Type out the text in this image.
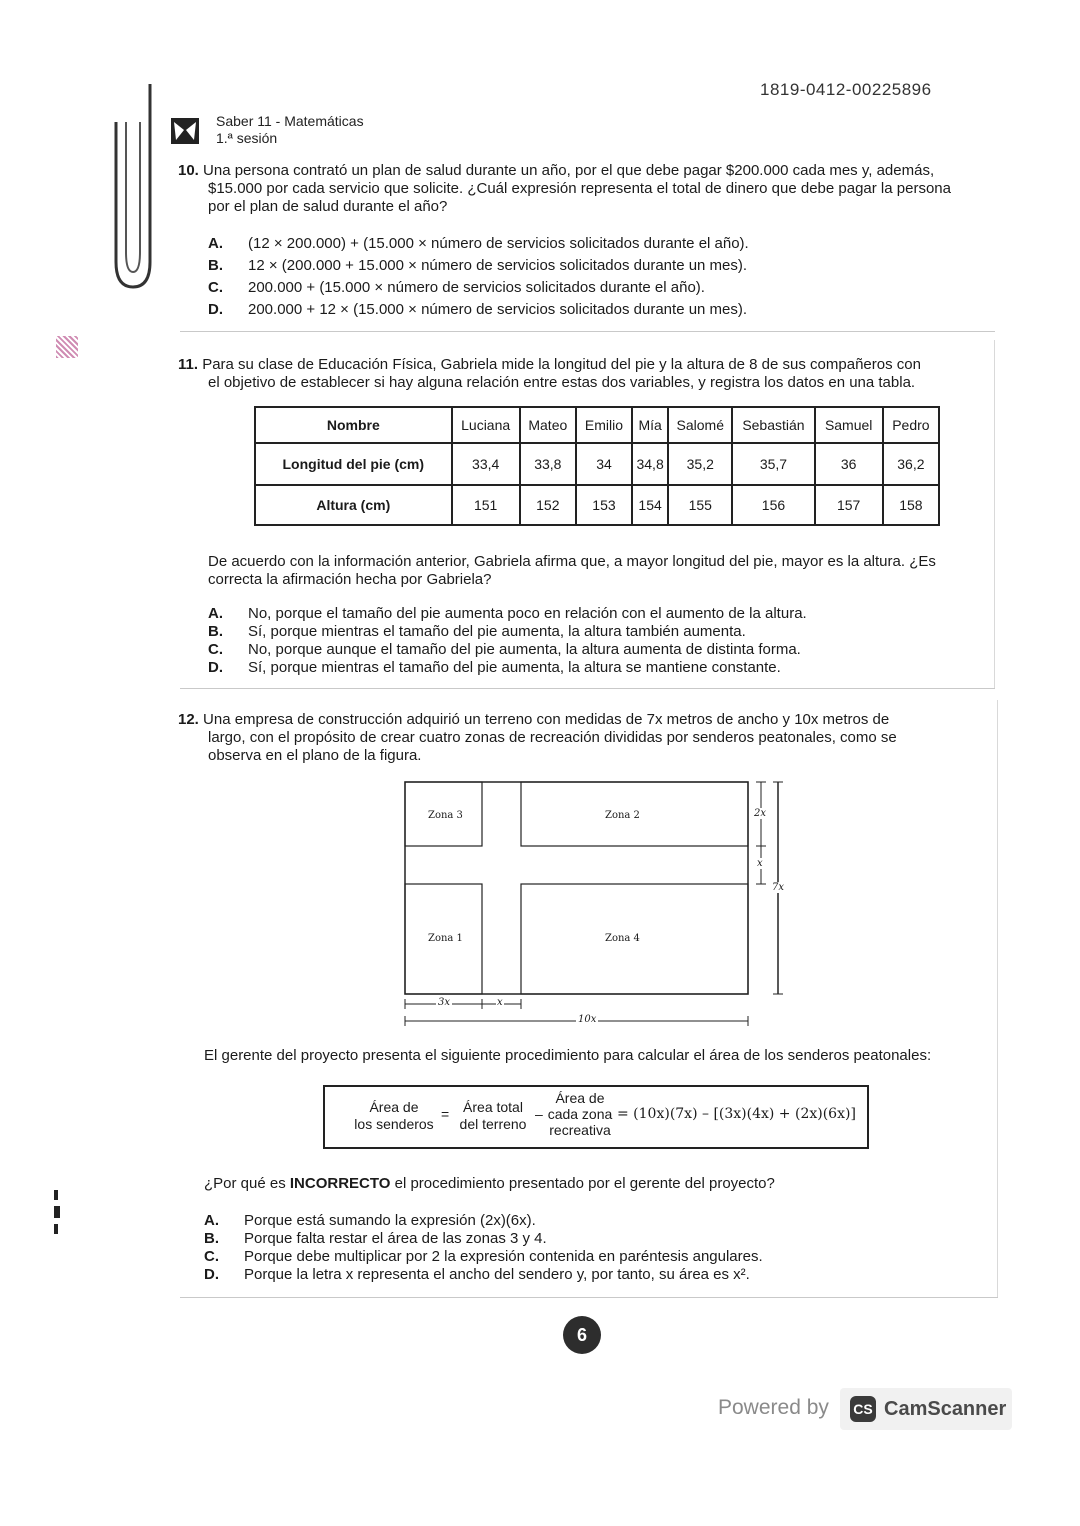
1819-0412-00225896
Saber 11 - Matemáticas
1.ª sesión
10. Una persona contrató un plan de salud durante un año, por el que debe pagar $200.000 cada mes y, además,
$15.000 por cada servicio que solicite. ¿Cuál expresión representa el total de dinero que debe pagar la persona
por el plan de salud durante el año?
A. (12 × 200.000) + (15.000 × número de servicios solicitados durante el año).
B. 12 × (200.000 + 15.000 × número de servicios solicitados durante un mes).
C. 200.000 + (15.000 × número de servicios solicitados durante el año).
D. 200.000 + 12 × (15.000 × número de servicios solicitados durante un mes).
11. Para su clase de Educación Física, Gabriela mide la longitud del pie y la altura de 8 de sus compañeros con
el objetivo de establecer si hay alguna relación entre estas dos variables, y registra los datos en una tabla.
Nombre	Luciana	Mateo	Emilio	Mía	Salomé	Sebastián	Samuel	Pedro
Longitud del pie (cm)	33,4	33,8	34	34,8	35,2	35,7	36	36,2
Altura (cm)	151	152	153	154	155	156	157	158
De acuerdo con la información anterior, Gabriela afirma que, a mayor longitud del pie, mayor es la altura. ¿Es
correcta la afirmación hecha por Gabriela?
A. No, porque el tamaño del pie aumenta poco en relación con el aumento de la altura.
B. Sí, porque mientras el tamaño del pie aumenta, la altura también aumenta.
C. No, porque aunque el tamaño del pie aumenta, la altura aumenta de distinta forma.
D. Sí, porque mientras el tamaño del pie aumenta, la altura se mantiene constante.
12. Una empresa de construcción adquirió un terreno con medidas de 7x metros de ancho y 10x metros de
largo, con el propósito de crear cuatro zonas de recreación divididas por senderos peatonales, como se
observa en el plano de la figura.
Zona 3	Zona 2
Zona 1	Zona 4
2x
x
7x
3x	x
10x
El gerente del proyecto presenta el siguiente procedimiento para calcular el área de los senderos peatonales:
Área de
los senderos
= Área total
del terreno
–
Área de
cada zona
recreativa
= (10x)(7x) – [(3x)(4x) + (2x)(6x)]
¿Por qué es INCORRECTO el procedimiento presentado por el gerente del proyecto?
A. Porque está sumando la expresión (2x)(6x).
B. Porque falta restar el área de las zonas 3 y 4.
C. Porque debe multiplicar por 2 la expresión contenida en paréntesis angulares.
D. Porque la letra x representa el ancho del sendero y, por tanto, su área es x².
6
Powered by CS CamScanner
